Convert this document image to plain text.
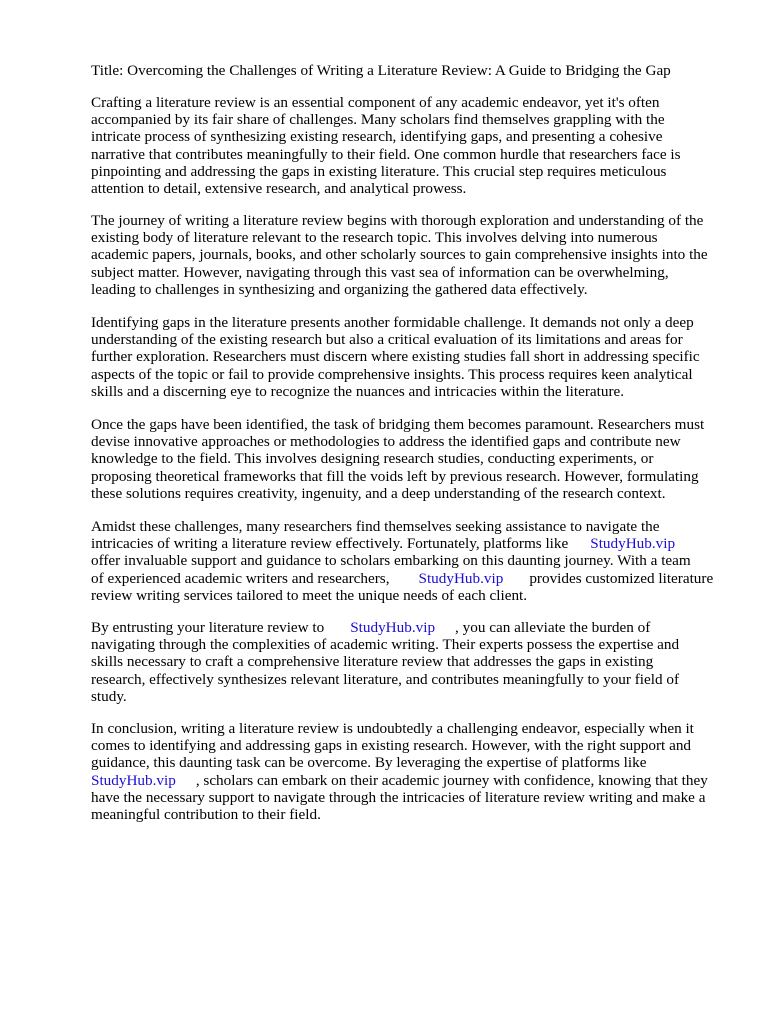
Title: Overcoming the Challenges of Writing a Literature Review: A Guide to Bridging the Gap

Crafting a literature review is an essential component of any academic endeavor, yet it's often
accompanied by its fair share of challenges. Many scholars find themselves grappling with the
intricate process of synthesizing existing research, identifying gaps, and presenting a cohesive
narrative that contributes meaningfully to their field. One common hurdle that researchers face is
pinpointing and addressing the gaps in existing literature. This crucial step requires meticulous
attention to detail, extensive research, and analytical prowess.

The journey of writing a literature review begins with thorough exploration and understanding of the
existing body of literature relevant to the research topic. This involves delving into numerous
academic papers, journals, books, and other scholarly sources to gain comprehensive insights into the
subject matter. However, navigating through this vast sea of information can be overwhelming,
leading to challenges in synthesizing and organizing the gathered data effectively.

Identifying gaps in the literature presents another formidable challenge. It demands not only a deep
understanding of the existing research but also a critical evaluation of its limitations and areas for
further exploration. Researchers must discern where existing studies fall short in addressing specific
aspects of the topic or fail to provide comprehensive insights. This process requires keen analytical
skills and a discerning eye to recognize the nuances and intricacies within the literature.

Once the gaps have been identified, the task of bridging them becomes paramount. Researchers must
devise innovative approaches or methodologies to address the identified gaps and contribute new
knowledge to the field. This involves designing research studies, conducting experiments, or
proposing theoretical frameworks that fill the voids left by previous research. However, formulating
these solutions requires creativity, ingenuity, and a deep understanding of the research context.

Amidst these challenges, many researchers find themselves seeking assistance to navigate the
intricacies of writing a literature review effectively. Fortunately, platforms like StudyHub.vip
offer invaluable support and guidance to scholars embarking on this daunting journey. With a team
of experienced academic writers and researchers, StudyHub.vip provides customized literature
review writing services tailored to meet the unique needs of each client.

By entrusting your literature review to StudyHub.vip , you can alleviate the burden of
navigating through the complexities of academic writing. Their experts possess the expertise and
skills necessary to craft a comprehensive literature review that addresses the gaps in existing
research, effectively synthesizes relevant literature, and contributes meaningfully to your field of
study.

In conclusion, writing a literature review is undoubtedly a challenging endeavor, especially when it
comes to identifying and addressing gaps in existing research. However, with the right support and
guidance, this daunting task can be overcome. By leveraging the expertise of platforms like
StudyHub.vip , scholars can embark on their academic journey with confidence, knowing that they
have the necessary support to navigate through the intricacies of literature review writing and make a
meaningful contribution to their field.
